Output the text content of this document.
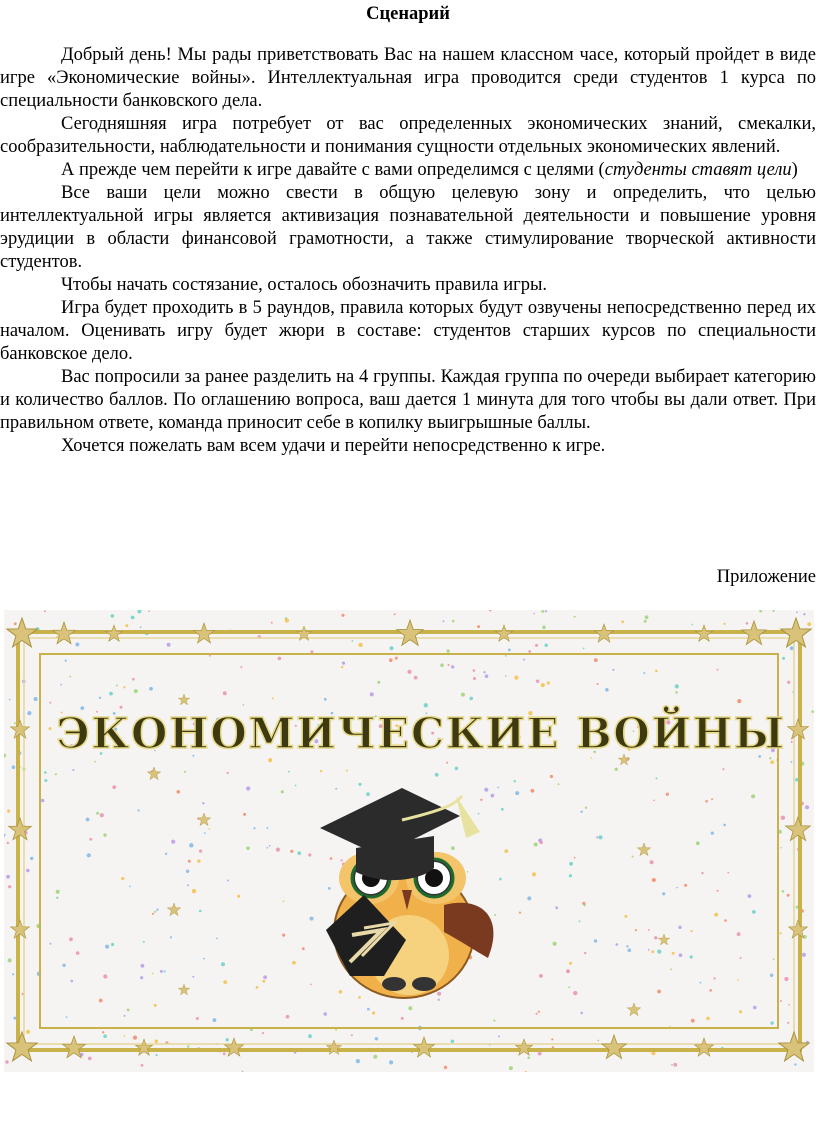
Сценарий

Добрый день! Мы рады приветствовать Вас на нашем классном часе, который пройдет в виде игре «Экономические войны». Интеллектуальная игра проводится среди студентов 1 курса по специальности банковского дела.

Сегодняшняя игра потребует от вас определенных экономических знаний, смекалки, сообразительности, наблюдательности и понимания сущности отдельных экономических явлений.

А прежде чем перейти к игре давайте с вами определимся с целями (студенты ставят цели)

Все ваши цели можно свести в общую целевую зону и определить, что целью интеллектуальной игры является активизация познавательной деятельности и повышение уровня эрудиции в области финансовой грамотности, а также стимулирование творческой активности студентов.

Чтобы начать состязание, осталось обозначить правила игры.

Игра будет проходить в 5 раундов, правила которых будут озвучены непосредственно перед их началом. Оценивать игру будет жюри в составе: студентов старших курсов по специальности банковское дело.

Вас попросили за ранее разделить на 4 группы. Каждая группа по очереди выбирает категорию и количество баллов. По оглашению вопроса, ваш дается 1 минута для того чтобы вы дали ответ. При правильном ответе, команда приносит себе в копилку выигрышные баллы.

Хочется пожелать вам всем удачи и перейти непосредственно к игре.

Приложение
ЭКОНОМИЧЕСКИЕ ВОЙНЫ
